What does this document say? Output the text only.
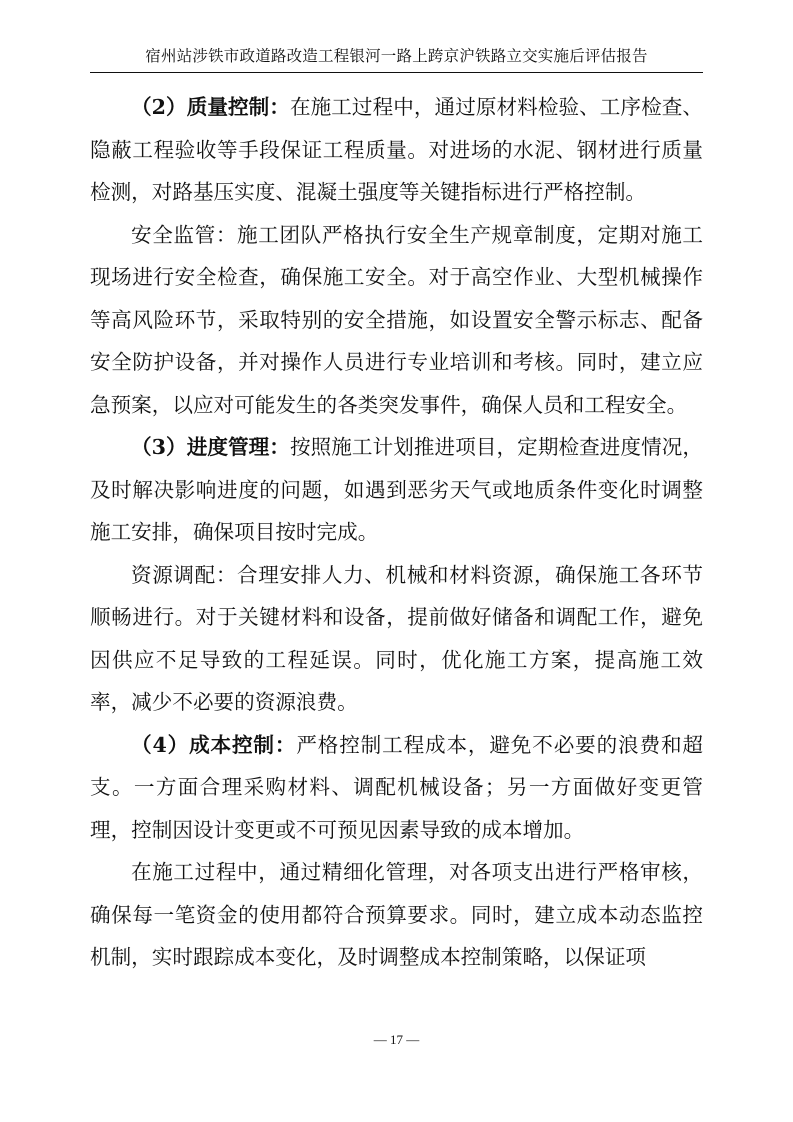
宿州站涉铁市政道路改造工程银河一路上跨京沪铁路立交实施后评估报告

（2）质量控制：在施工过程中，通过原材料检验、工序检查、隐蔽工程验收等手段保证工程质量。对进场的水泥、钢材进行质量检测，对路基压实度、混凝土强度等关键指标进行严格控制。

安全监管：施工团队严格执行安全生产规章制度，定期对施工现场进行安全检查，确保施工安全。对于高空作业、大型机械操作等高风险环节，采取特别的安全措施，如设置安全警示标志、配备安全防护设备，并对操作人员进行专业培训和考核。同时，建立应急预案，以应对可能发生的各类突发事件，确保人员和工程安全。

（3）进度管理：按照施工计划推进项目，定期检查进度情况，及时解决影响进度的问题，如遇到恶劣天气或地质条件变化时调整施工安排，确保项目按时完成。

资源调配：合理安排人力、机械和材料资源，确保施工各环节顺畅进行。对于关键材料和设备，提前做好储备和调配工作，避免因供应不足导致的工程延误。同时，优化施工方案，提高施工效率，减少不必要的资源浪费。

（4）成本控制：严格控制工程成本，避免不必要的浪费和超支。一方面合理采购材料、调配机械设备；另一方面做好变更管理，控制因设计变更或不可预见因素导致的成本增加。

在施工过程中，通过精细化管理，对各项支出进行严格审核，确保每一笔资金的使用都符合预算要求。同时，建立成本动态监控机制，实时跟踪成本变化，及时调整成本控制策略，以保证项

— 17 —
